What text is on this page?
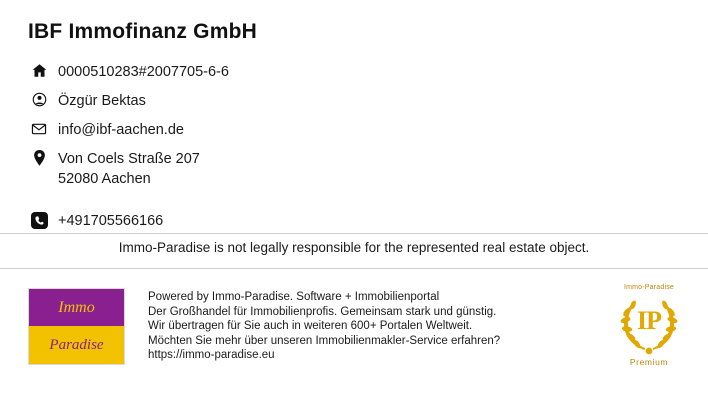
IBF Immofinanz GmbH
0000510283#2007705-6-6
Özgür Bektas
info@ibf-aachen.de
Von Coels Straße 207
52080 Aachen
+491705566166
Immo-Paradise is not legally responsible for the represented real estate object.
Immo
Paradise
Powered by Immo-Paradise. Software + Immobilienportal
Der Großhandel für Immobilienprofis. Gemeinsam stark und günstig.
Wir übertragen für Sie auch in weiteren 600+ Portalen Weltweit.
Möchten Sie mehr über unseren Immobilienmakler-Service erfahren?
https://immo-paradise.eu
Immo-Paradise
IP
Premium
